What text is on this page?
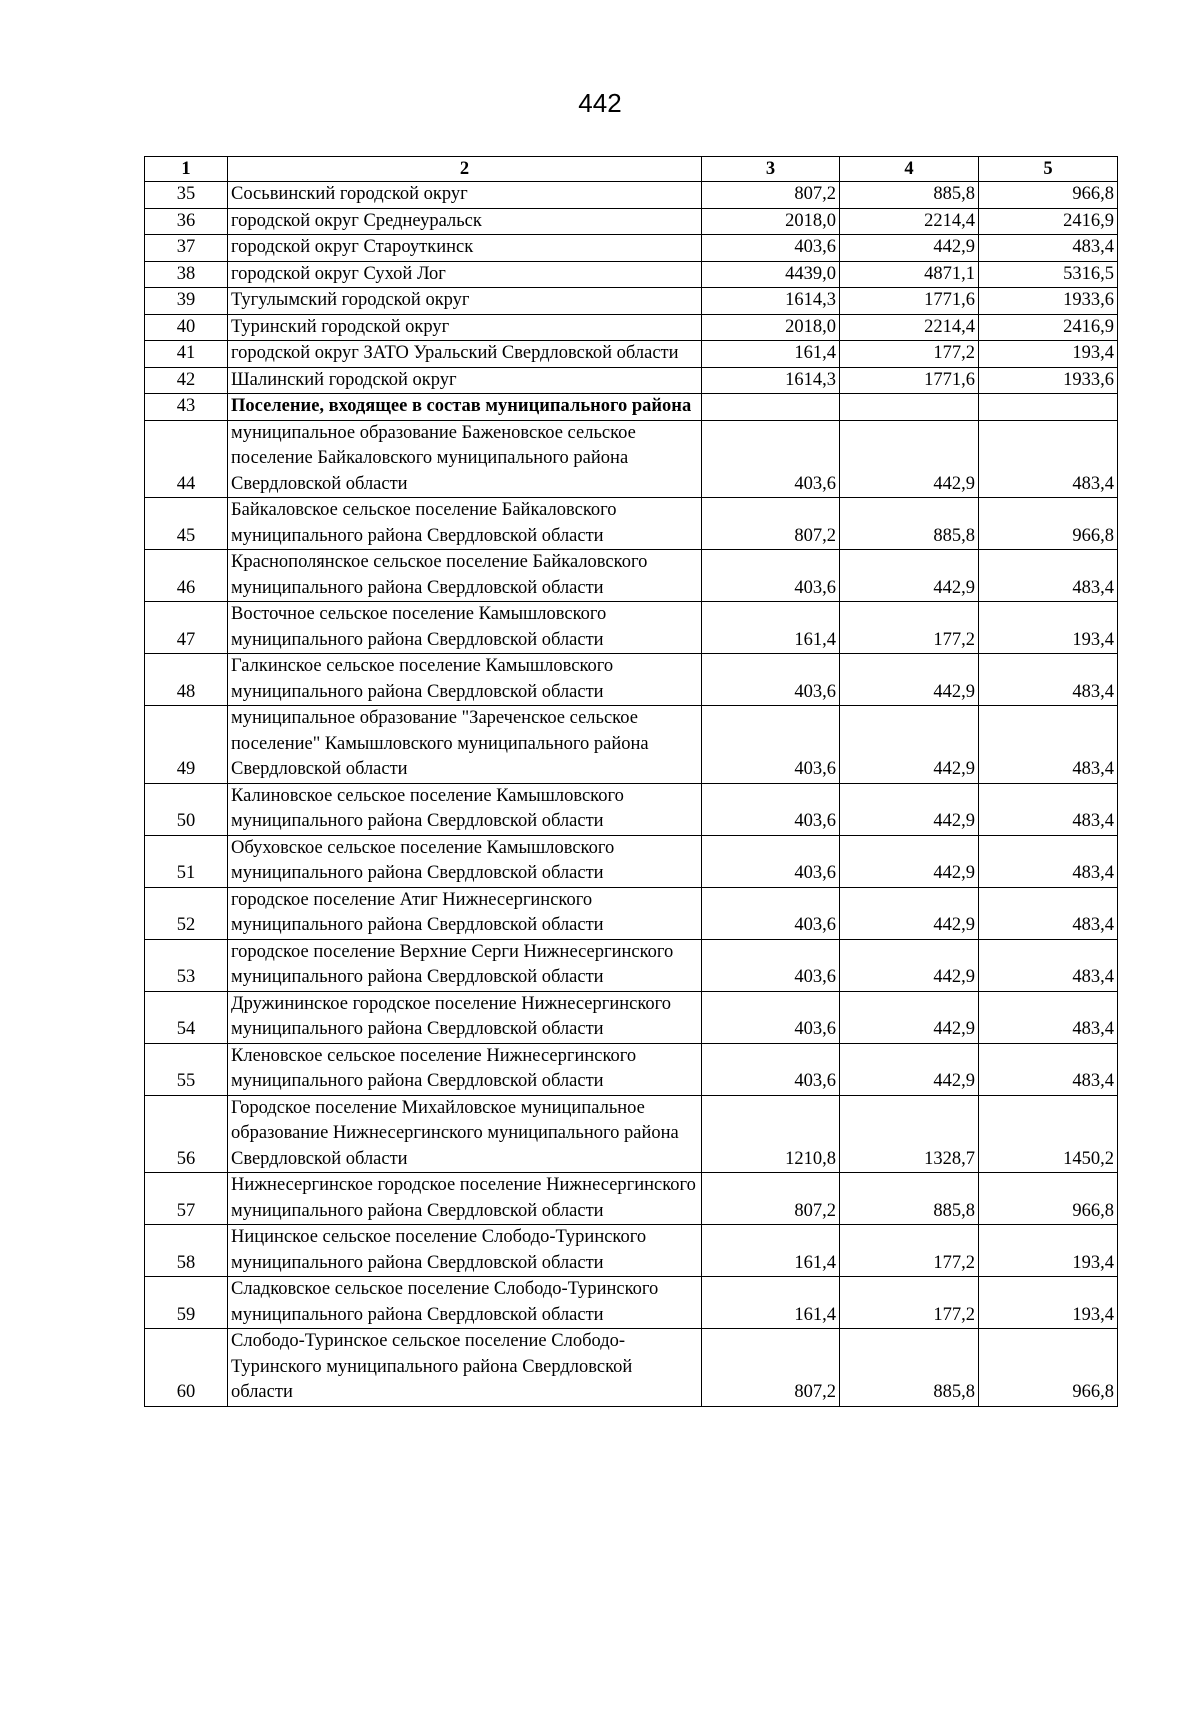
442
1	2	3	4	5
35	Сосьвинский городской округ	807,2	885,8	966,8
36	городской округ Среднеуральск	2018,0	2214,4	2416,9
37	городской округ Староуткинск	403,6	442,9	483,4
38	городской округ Сухой Лог	4439,0	4871,1	5316,5
39	Тугулымский городской округ	1614,3	1771,6	1933,6
40	Туринский городской округ	2018,0	2214,4	2416,9
41	городской округ ЗАТО Уральский Свердловской области	161,4	177,2	193,4
42	Шалинский городской округ	1614,3	1771,6	1933,6
43	Поселение, входящее в состав муниципального района			
44	муниципальное образование Баженовское сельское поселение Байкаловского муниципального района Свердловской области	403,6	442,9	483,4
45	Байкаловское сельское поселение Байкаловского муниципального района Свердловской области	807,2	885,8	966,8
46	Краснополянское сельское поселение Байкаловского муниципального района Свердловской области	403,6	442,9	483,4
47	Восточное сельское поселение Камышловского муниципального района Свердловской области	161,4	177,2	193,4
48	Галкинское сельское поселение Камышловского муниципального района Свердловской области	403,6	442,9	483,4
49	муниципальное образование "Зареченское сельское поселение" Камышловского муниципального района Свердловской области	403,6	442,9	483,4
50	Калиновское сельское поселение Камышловского муниципального района Свердловской области	403,6	442,9	483,4
51	Обуховское сельское поселение Камышловского муниципального района Свердловской области	403,6	442,9	483,4
52	городское поселение Атиг Нижнесергинского муниципального района Свердловской области	403,6	442,9	483,4
53	городское поселение Верхние Серги Нижнесергинского муниципального района Свердловской области	403,6	442,9	483,4
54	Дружининское городское поселение Нижнесергинского муниципального района Свердловской области	403,6	442,9	483,4
55	Кленовское сельское поселение Нижнесергинского муниципального района Свердловской области	403,6	442,9	483,4
56	Городское поселение Михайловское муниципальное образование Нижнесергинского муниципального района Свердловской области	1210,8	1328,7	1450,2
57	Нижнесергинское городское поселение Нижнесергинского муниципального района Свердловской области	807,2	885,8	966,8
58	Ницинское сельское поселение Слободо-Туринского муниципального района Свердловской области	161,4	177,2	193,4
59	Сладковское сельское поселение Слободо-Туринского муниципального района Свердловской области	161,4	177,2	193,4
60	Слободо-Туринское сельское поселение Слободо-Туринского муниципального района Свердловской области	807,2	885,8	966,8
